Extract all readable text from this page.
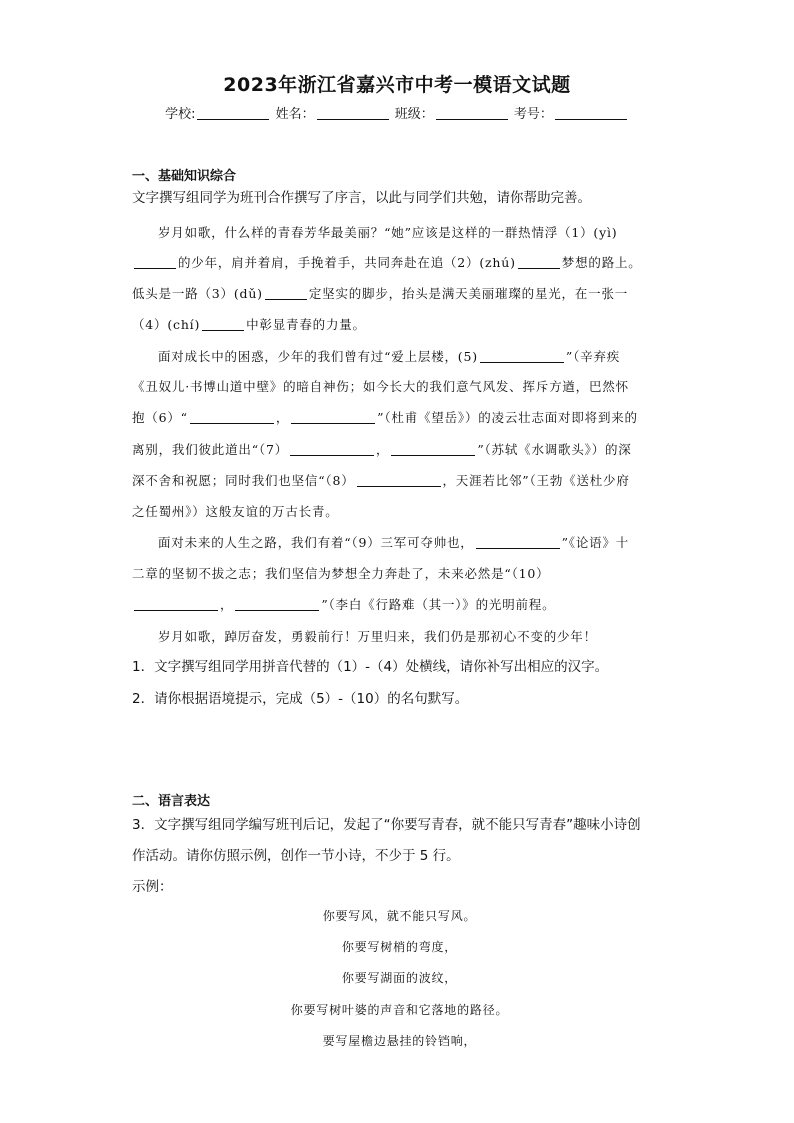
2023年浙江省嘉兴市中考一模语文试题
学校:	姓名：	班级：	考号：
一、基础知识综合
文字撰写组同学为班刊合作撰写了序言，以此与同学们共勉，请你帮助完善。
岁月如歌，什么样的青春芳华最美丽？“她”应该是这样的一群热情浮（1）(yì)
的少年，肩并着肩，手挽着手，共同奔赴在追（2）(zhú)	梦想的路上。
低头是一路（3）(dǔ)	定坚实的脚步，抬头是满天美丽璀璨的星光，在一张一
（4）(chí)	中彰显青春的力量。
面对成长中的困惑，少年的我们曾有过“爱上层楼，(5)	”（辛弃疾
《丑奴儿·书博山道中壁》的暗自神伤；如今长大的我们意气风发、挥斥方遒，巴然怀
抱（6）“	，	”（杜甫《望岳》）的凌云壮志面对即将到来的
离别，我们彼此道出“（7）	，	”（苏轼《水调歌头》）的深
深不舍和祝愿；同时我们也坚信“（8）	，天涯若比邻”（王勃《送杜少府
之任蜀州》）这般友谊的万古长青。
面对未来的人生之路，我们有着“（9）三军可夺帅也，	”《论语》十
二章的坚韧不拔之志；我们坚信为梦想全力奔赴了，未来必然是“（10）
，	”（李白《行路难（其一）》的光明前程。
岁月如歌，踔厉奋发，勇毅前行！万里归来，我们仍是那初心不变的少年！
1．文字撰写组同学用拼音代替的（1）-（4）处横线，请你补写出相应的汉字。
2．请你根据语境提示，完成（5）-（10）的名句默写。
二、语言表达
3．文字撰写组同学编写班刊后记，发起了“你要写青春，就不能只写青春”趣味小诗创
作活动。请你仿照示例，创作一节小诗，不少于 5 行。
示例：
你要写风，就不能只写风。
你要写树梢的弯度，
你要写湖面的波纹，
你要写树叶婆的声音和它落地的路径。
要写屋檐边悬挂的铃铛响，
